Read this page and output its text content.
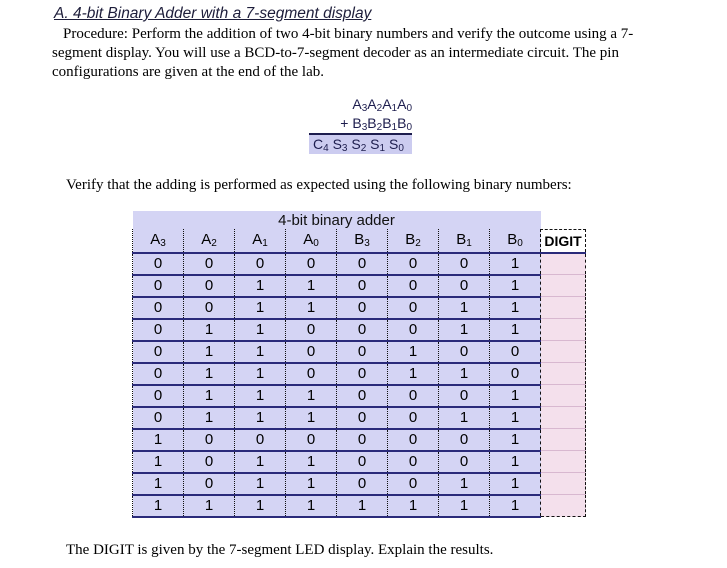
A. 4-bit Binary Adder with a 7-segment display

Procedure: Perform the addition of two 4-bit binary numbers and verify the outcome using a 7-segment display. You will use a BCD-to-7-segment decoder as an intermediate circuit. The pin configurations are given at the end of the lab.

$A_3A_2A_1A_0$
+ $B_3B_2B_1B_0$
$C_4$ $S_3$ $S_2$ $S_1$ $S_0$
Verify that the adding is performed as expected using the following binary numbers:
4-bit binary adder								
$A_3$	$A_2$	$A_1$	$A_0$	$B_3$	$B_2$	$B_1$	$B_0$	DIGIT
0	0	0	0	0	0	0	1	
0	0	1	1	0	0	0	1	
0	0	1	1	0	0	1	1	
0	1	1	0	0	0	1	1	
0	1	1	0	0	1	0	0	
0	1	1	0	0	1	1	0	
0	1	1	1	0	0	0	1	
0	1	1	1	0	0	1	1	
1	0	0	0	0	0	0	1	
1	0	1	1	0	0	0	1	
1	0	1	1	0	0	1	1	
1	1	1	1	1	1	1	1	
The DIGIT is given by the 7-segment LED display. Explain the results.
